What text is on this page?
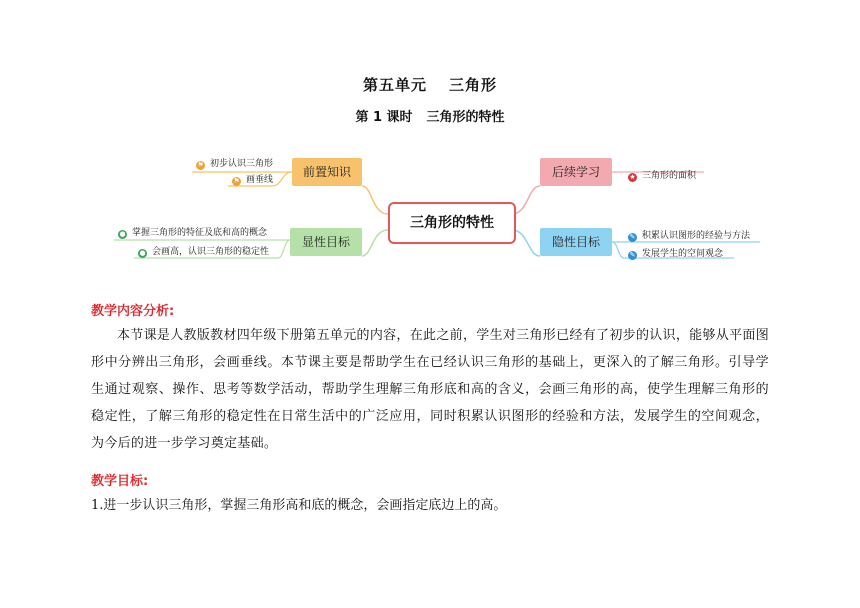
第五单元 三角形
第 1 课时 三角形的特性
三角形的特性
前置知识
显性目标
后续学习
隐性目标
⚑ 初步认识三角形
⚑ 画垂线
● 掌握三角形的特征及底和高的概念
● 会画高，认识三角形的稳定性
★ 三角形的面积
✎ 积累认识图形的经验与方法
✎ 发展学生的空间观念
教学内容分析:
本节课是人教版教材四年级下册第五单元的内容，在此之前，学生对三角形已经有了初步的认识，能够从平面图形中分辨出三角形，会画垂线。本节课主要是帮助学生在已经认识三角形的基础上，更深入的了解三角形。引导学生通过观察、操作、思考等数学活动，帮助学生理解三角形底和高的含义，会画三角形的高，使学生理解三角形的稳定性，了解三角形的稳定性在日常生活中的广泛应用，同时积累认识图形的经验和方法，发展学生的空间观念，为今后的进一步学习奠定基础。
教学目标:
1.进一步认识三角形，掌握三角形高和底的概念，会画指定底边上的高。
